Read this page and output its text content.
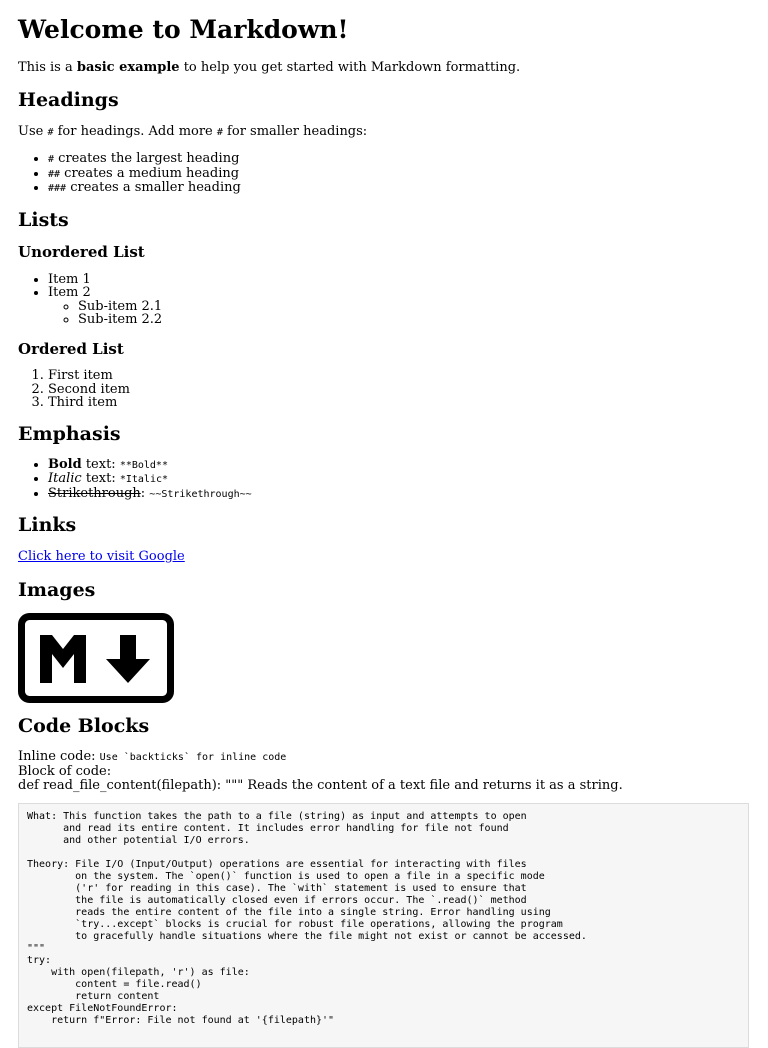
Welcome to Markdown!

This is a basic example to help you get started with Markdown formatting.

Headings

Use # for headings. Add more # for smaller headings:

• # creates the largest heading
• ## creates a medium heading
• ### creates a smaller heading
Lists
Unordered List
• Item 1
• Item 2
◦ Sub-item 2.1
◦ Sub-item 2.2
Ordered List
1. First item
2. Second item
3. Third item
Emphasis
• Bold text: **Bold**
• Italic text: *Italic*
• Strikethrough: ~~Strikethrough~~
Links

Click here to visit Google

Images
Code Blocks

Inline code: Use `backticks` for inline code

Block of code:

def read_file_content(filepath): """ Reads the content of a text file and returns it as a string.

What: This function takes the path to a file (string) as input and attempts to open
and read its entire content. It includes error handling for file not found
and other potential I/O errors.

Theory: File I/O (Input/Output) operations are essential for interacting with files
on the system. The `open()` function is used to open a file in a specific mode
('r' for reading in this case). The `with` statement is used to ensure that
the file is automatically closed even if errors occur. The `.read()` method
reads the entire content of the file into a single string. Error handling using
`try...except` blocks is crucial for robust file operations, allowing the program
to gracefully handle situations where the file might not exist or cannot be accessed.
"""
try:
with open(filepath, 'r') as file:
content = file.read()
return content
except FileNotFoundError:
return f"Error: File not found at '{filepath}'"
